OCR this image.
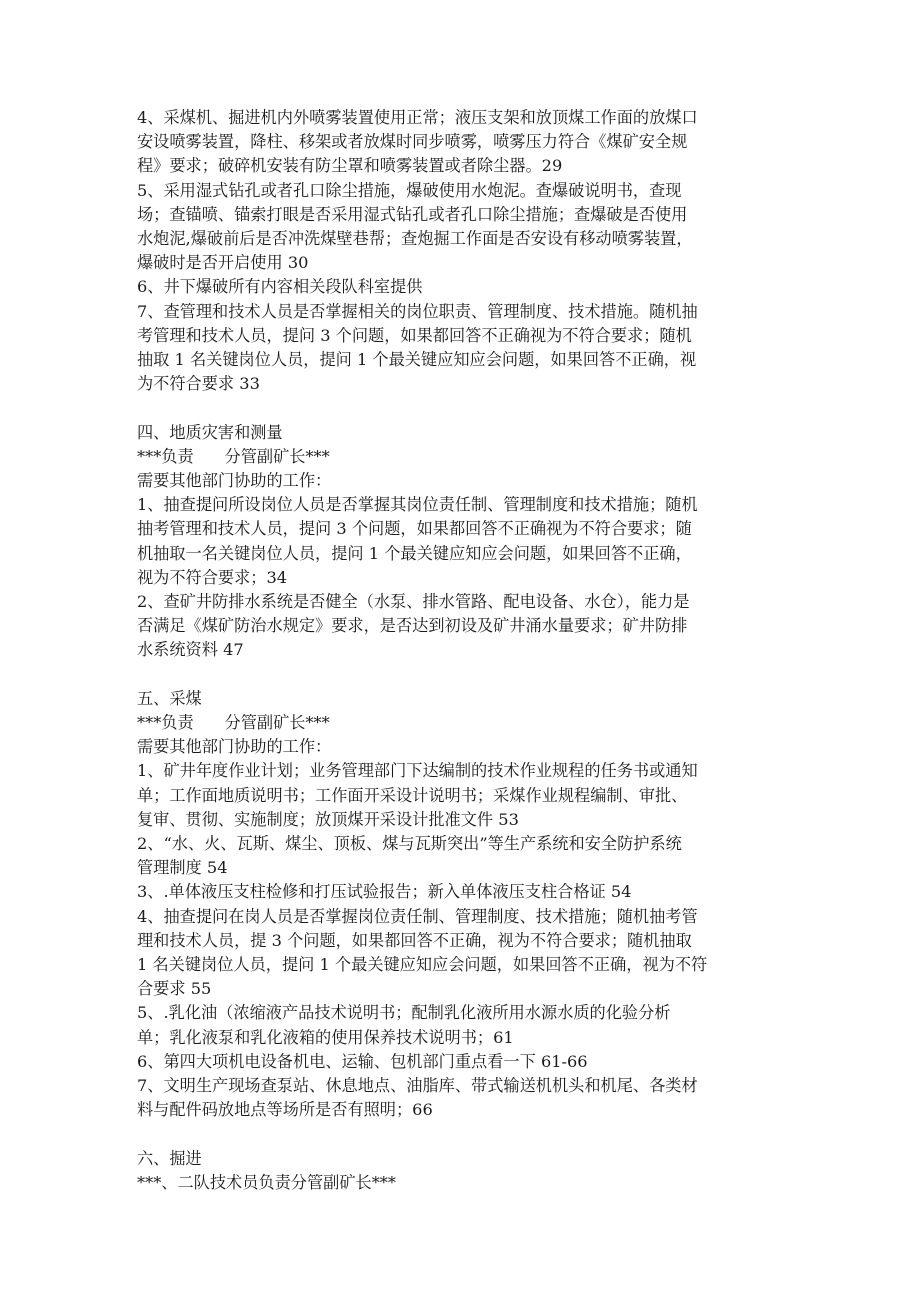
4、采煤机、掘进机内外喷雾装置使用正常；液压支架和放顶煤工作面的放煤口
安设喷雾装置，降柱、移架或者放煤时同步喷雾，喷雾压力符合《煤矿安全规
程》要求；破碎机安装有防尘罩和喷雾装置或者除尘器。29
5、采用湿式钻孔或者孔口除尘措施，爆破使用水炮泥。查爆破说明书，查现
场；查锚喷、锚索打眼是否采用湿式钻孔或者孔口除尘措施；查爆破是否使用
水炮泥,爆破前后是否冲洗煤壁巷帮；查炮掘工作面是否安设有移动喷雾装置，
爆破时是否开启使用 30
6、井下爆破所有内容相关段队科室提供
7、查管理和技术人员是否掌握相关的岗位职责、管理制度、技术措施。随机抽
考管理和技术人员，提问 3 个问题，如果都回答不正确视为不符合要求；随机
抽取 1 名关键岗位人员，提问 1 个最关键应知应会问题，如果回答不正确，视
为不符合要求 33
四、地质灾害和测量
***负责      分管副矿长***
需要其他部门协助的工作：
1、抽查提问所设岗位人员是否掌握其岗位责任制、管理制度和技术措施；随机
抽考管理和技术人员，提问 3 个问题，如果都回答不正确视为不符合要求；随
机抽取一名关键岗位人员，提问 1 个最关键应知应会问题，如果回答不正确，
视为不符合要求；34
2、查矿井防排水系统是否健全（水泵、排水管路、配电设备、水仓），能力是
否满足《煤矿防治水规定》要求，是否达到初设及矿井涌水量要求；矿井防排
水系统资料 47
五、采煤
***负责      分管副矿长***
需要其他部门协助的工作：
1、矿井年度作业计划；业务管理部门下达编制的技术作业规程的任务书或通知
单；工作面地质说明书；工作面开采设计说明书；采煤作业规程编制、审批、
复审、贯彻、实施制度；放顶煤开采设计批准文件 53
2、“水、火、瓦斯、煤尘、顶板、煤与瓦斯突出”等生产系统和安全防护系统
管理制度 54
3、.单体液压支柱检修和打压试验报告；新入单体液压支柱合格证 54
4、抽查提问在岗人员是否掌握岗位责任制、管理制度、技术措施；随机抽考管
理和技术人员，提 3 个问题，如果都回答不正确，视为不符合要求；随机抽取
1 名关键岗位人员，提问 1 个最关键应知应会问题，如果回答不正确，视为不符
合要求 55
5、.乳化油（浓缩液产品技术说明书；配制乳化液所用水源水质的化验分析
单；乳化液泵和乳化液箱的使用保养技术说明书；61
6、第四大项机电设备机电、运输、包机部门重点看一下 61-66
7、文明生产现场查泵站、休息地点、油脂库、带式输送机机头和机尾、各类材
料与配件码放地点等场所是否有照明；66
六、掘进
***、二队技术员负责分管副矿长***
